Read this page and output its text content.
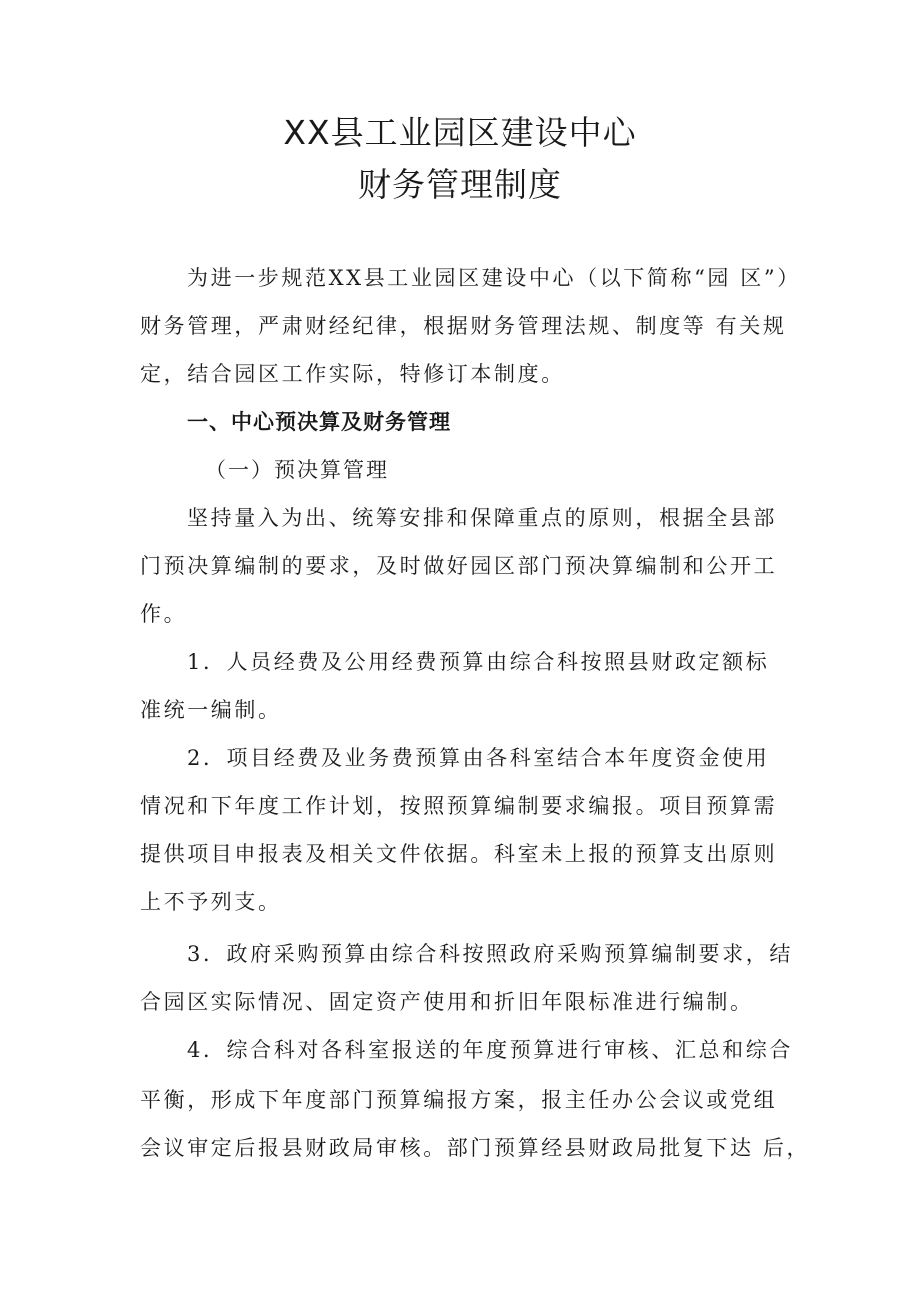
XX县工业园区建设中心
财务管理制度

为进一步规范XX县工业园区建设中心（以下简称“园 区”）

财务管理，严肃财经纪律，根据财务管理法规、制度等 有关规

定，结合园区工作实际，特修订本制度。

一、中心预决算及财务管理

（一）预决算管理

坚持量入为出、统筹安排和保障重点的原则，根据全县部

门预决算编制的要求，及时做好园区部门预决算编制和公开工

作。

1．人员经费及公用经费预算由综合科按照县财政定额标

准统一编制。

2．项目经费及业务费预算由各科室结合本年度资金使用

情况和下年度工作计划，按照预算编制要求编报。项目预算需

提供项目申报表及相关文件依据。科室未上报的预算支出原则

上不予列支。

3．政府采购预算由综合科按照政府采购预算编制要求，结

合园区实际情况、固定资产使用和折旧年限标准进行编制。

4．综合科对各科室报送的年度预算进行审核、汇总和综合

平衡，形成下年度部门预算编报方案，报主任办公会议或党组

会议审定后报县财政局审核。部门预算经县财政局批复下达 后，
